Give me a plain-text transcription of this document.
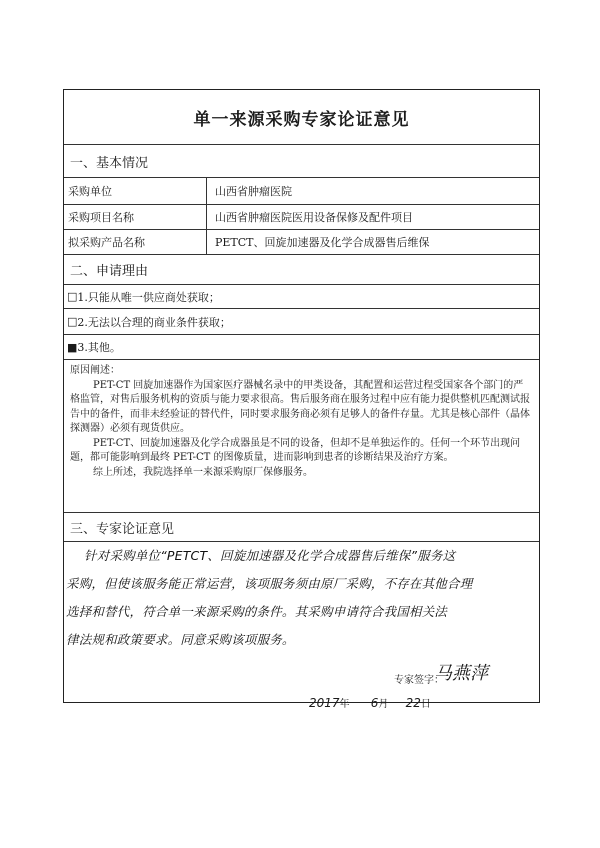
单一来源采购专家论证意见
一、基本情况
采购单位	山西省肿瘤医院
采购项目名称	山西省肿瘤医院医用设备保修及配件项目
拟采购产品名称	PETCT、回旋加速器及化学合成器售后维保
二、申请理由
□ 1.只能从唯一供应商处获取；
□ 2.无法以合理的商业条件获取；
■ 3.其他。

原因阐述：

PET-CT 回旋加速器作为国家医疗器械名录中的甲类设备，其配置和运营过程受国家各个部门的严格监管，对售后服务机构的资质与能力要求很高。售后服务商在服务过程中应有能力提供整机匹配测试报告中的备件，而非未经验证的替代件，同时要求服务商必须有足够人的备件存量。尤其是核心部件（晶体探测器）必须有现货供应。

PET-CT、回旋加速器及化学合成器虽是不同的设备，但却不是单独运作的。任何一个环节出现问题，都可能影响到最终 PET-CT 的图像质量，进而影响到患者的诊断结果及治疗方案。

综上所述，我院选择单一来源采购原厂保修服务。

三、专家论证意见
针对采购单位“PETCT、回旋加速器及化学合成器售后维保”服务这
采购，但使该服务能正常运营，该项服务须由原厂采购，不存在其他合理
选择和替代，符合单一来源采购的条件。其采购申请符合我国相关法
律法规和政策要求。同意采购该项服务。
专家签字：
马燕萍
2017年 6月 22日
